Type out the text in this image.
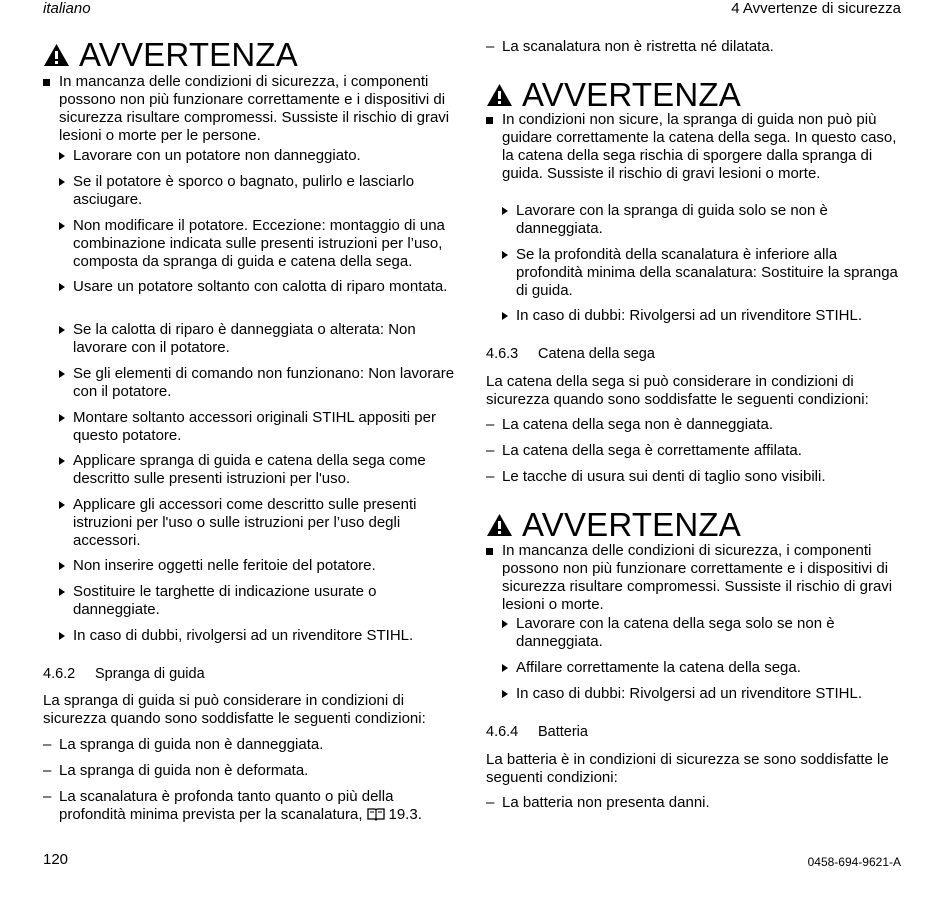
italiano	4 Avvertenze di sicurezza
AVVERTENZA
In mancanza delle condizioni di sicurezza, i componenti possono non più funzionare correttamente e i dispositivi di sicurezza risultare compromessi. Sussiste il rischio di gravi lesioni o morte per le persone.
Lavorare con un potatore non danneggiato.
Se il potatore è sporco o bagnato, pulirlo e lasciarlo asciugare.
Non modificare il potatore. Eccezione: montaggio di una combinazione indicata sulle presenti istruzioni per l’uso, composta da spranga di guida e catena della sega.
Usare un potatore soltanto con calotta di riparo montata.
Se la calotta di riparo è danneggiata o alterata: Non lavorare con il potatore.
Se gli elementi di comando non funzionano: Non lavorare con il potatore.
Montare soltanto accessori originali STIHL appositi per questo potatore.
Applicare spranga di guida e catena della sega come descritto sulle presenti istruzioni per l'uso.
Applicare gli accessori come descritto sulle presenti istruzioni per l'uso o sulle istruzioni per l’uso degli accessori.
Non inserire oggetti nelle feritoie del potatore.
Sostituire le targhette di indicazione usurate o danneggiate.
In caso di dubbi, rivolgersi ad un rivenditore STIHL.
4.6.2 Spranga di guida
La spranga di guida si può considerare in condizioni di sicurezza quando sono soddisfatte le seguenti condizioni:
– La spranga di guida non è danneggiata.
– La spranga di guida non è deformata.
– La scanalatura è profonda tanto quanto o più della profondità minima prevista per la scanalatura, 19.3.
– La scanalatura non è ristretta né dilatata.
AVVERTENZA
In condizioni non sicure, la spranga di guida non può più guidare correttamente la catena della sega. In questo caso, la catena della sega rischia di sporgere dalla spranga di guida. Sussiste il rischio di gravi lesioni o morte.
Lavorare con la spranga di guida solo se non è danneggiata.
Se la profondità della scanalatura è inferiore alla profondità minima della scanalatura: Sostituire la spranga di guida.
In caso di dubbi: Rivolgersi ad un rivenditore STIHL.
4.6.3 Catena della sega
La catena della sega si può considerare in condizioni di sicurezza quando sono soddisfatte le seguenti condizioni:
– La catena della sega non è danneggiata.
– La catena della sega è correttamente affilata.
– Le tacche di usura sui denti di taglio sono visibili.
AVVERTENZA
In mancanza delle condizioni di sicurezza, i componenti possono non più funzionare correttamente e i dispositivi di sicurezza risultare compromessi. Sussiste il rischio di gravi lesioni o morte.
Lavorare con la catena della sega solo se non è danneggiata.
Affilare correttamente la catena della sega.
In caso di dubbi: Rivolgersi ad un rivenditore STIHL.
4.6.4 Batteria
La batteria è in condizioni di sicurezza se sono soddisfatte le seguenti condizioni:
– La batteria non presenta danni.
120	0458-694-9621-A
